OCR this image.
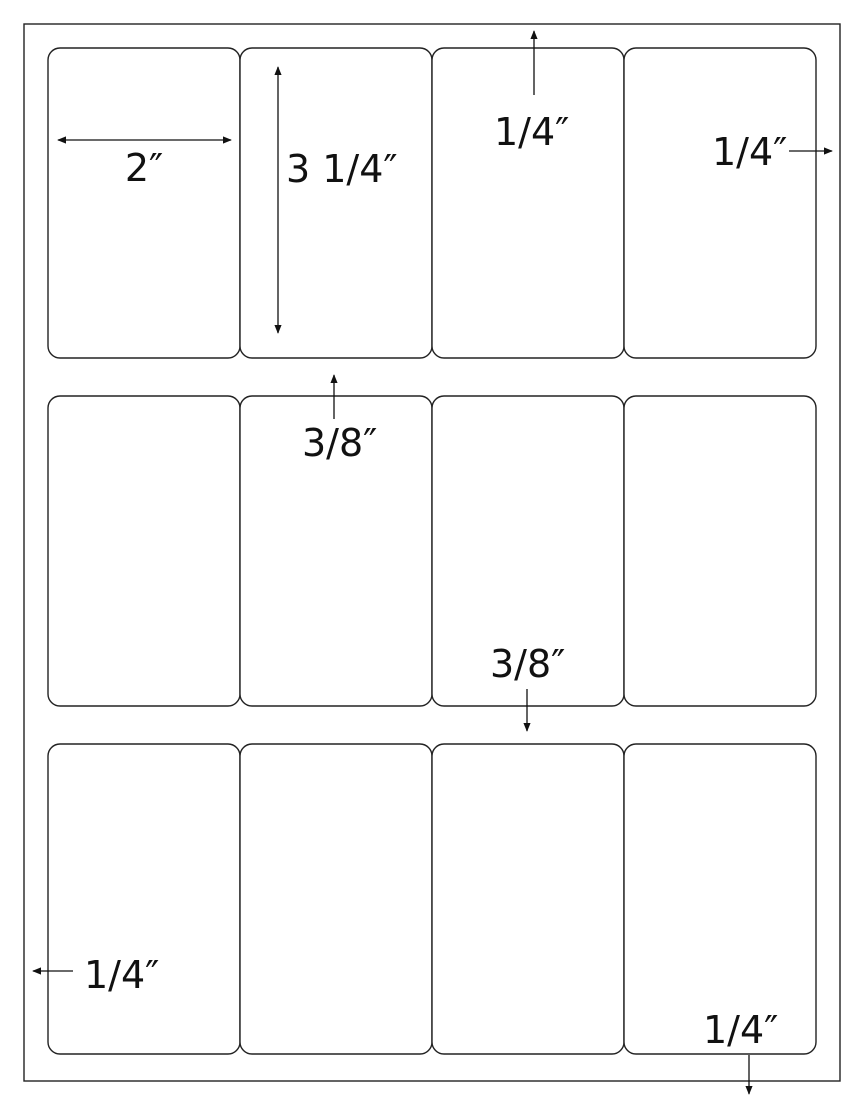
2″	3 1/4″
1/4″	1/4″
3/8″
3/8″
1/4″
1/4″
